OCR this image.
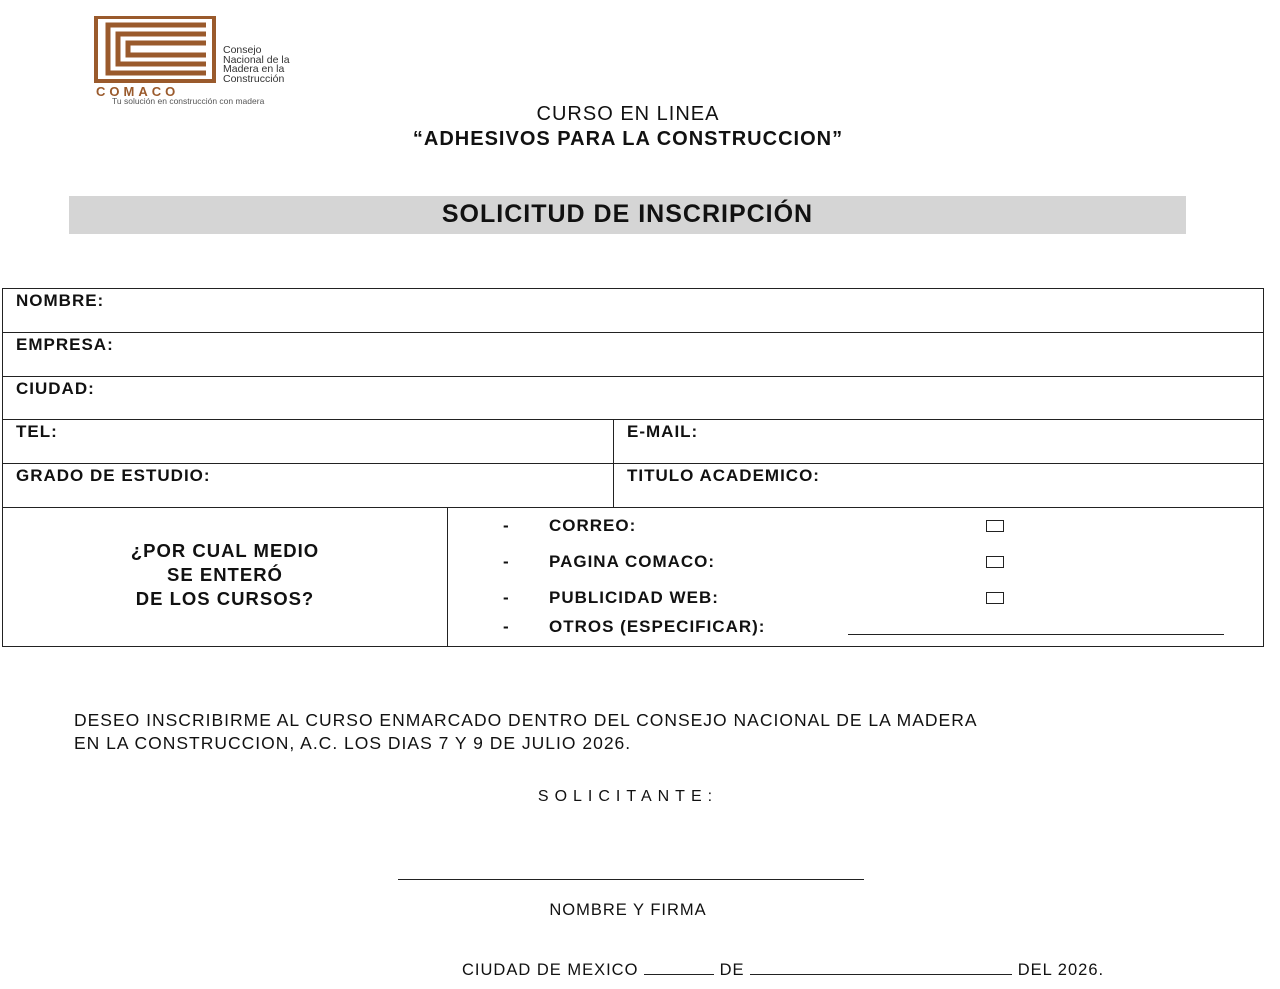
Consejo
Nacional de la
Madera en la
Construcción
COMACO
Tu solución en construcción con madera
CURSO EN LINEA
“ADHESIVOS PARA LA CONSTRUCCION”
SOLICITUD DE INSCRIPCIÓN
NOMBRE:
EMPRESA:
CIUDAD:
TEL:	E-MAIL:
GRADO DE ESTUDIO:	TITULO ACADEMICO:
¿POR CUAL MEDIO
SE ENTERÓ
DE LOS CURSOS?
- CORREO:
- PAGINA COMACO:
- PUBLICIDAD WEB:
- OTROS (ESPECIFICAR):
DESEO INSCRIBIRME AL CURSO ENMARCADO DENTRO DEL CONSEJO NACIONAL DE LA MADERA
EN LA CONSTRUCCION, A.C. LOS DIAS 7 Y 9 DE JULIO 2026.
SOLICITANTE:
NOMBRE Y FIRMA
CIUDAD DE MEXICO	DE	DEL 2026.
